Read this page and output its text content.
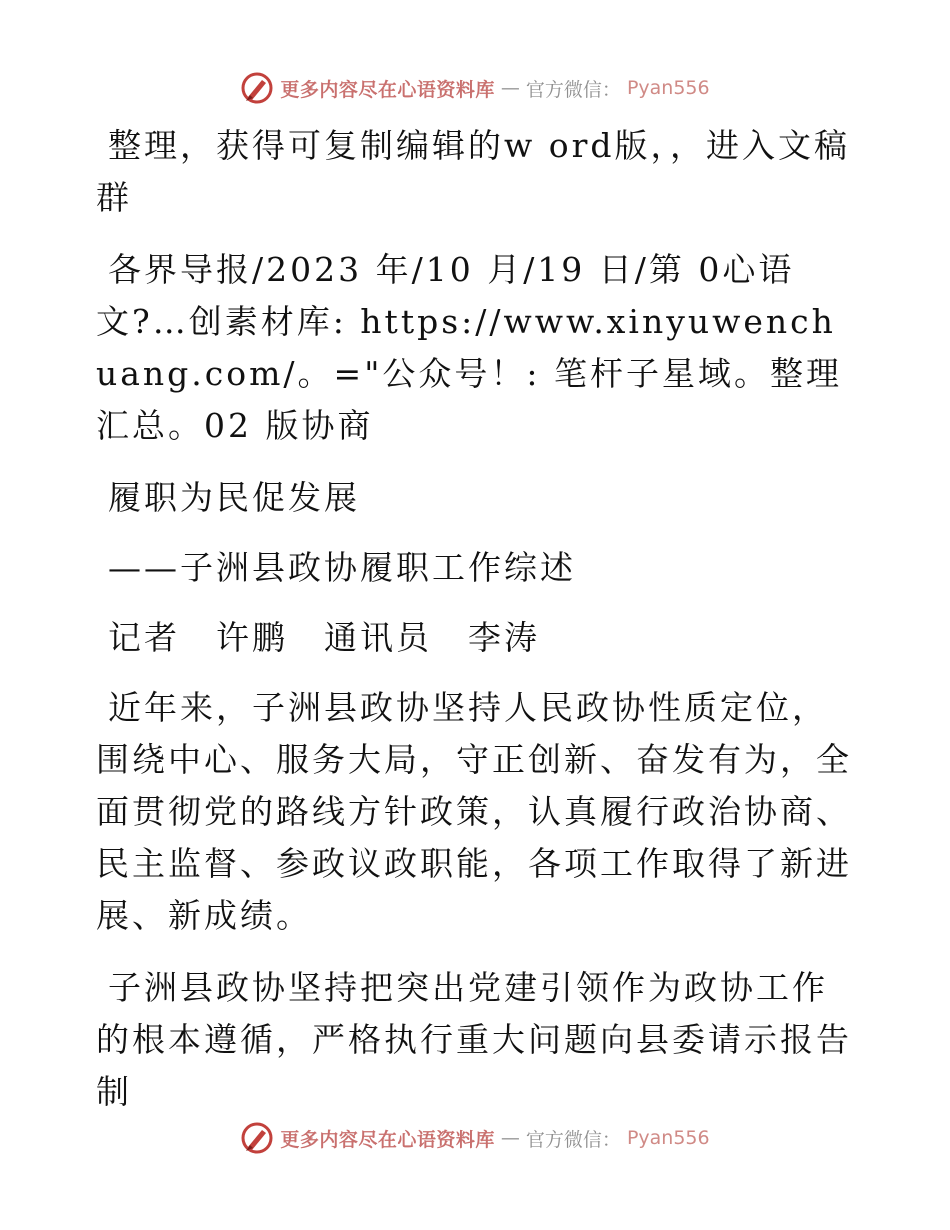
更多内容尽在心语资料库 — 官方微信： Pyan556

整理，获得可复制编辑的w ord版，，进入文稿群

各界导报/2023 年/10 月/19 日/第 0心语文?…创素材库: https://www.xinyuwenchuang.com/。="公众号！: 笔杆子星域。整理汇总。02 版协商

履职为民促发展

——子洲县政协履职工作综述

记者　许鹏　通讯员　李涛

近年来，子洲县政协坚持人民政协性质定位，围绕中心、服务大局，守正创新、奋发有为，全面贯彻党的路线方针政策，认真履行政治协商、民主监督、参政议政职能，各项工作取得了新进展、新成绩。

子洲县政协坚持把突出党建引领作为政协工作的根本遵循，严格执行重大问题向县委请示报告制

更多内容尽在心语资料库 — 官方微信： Pyan556
